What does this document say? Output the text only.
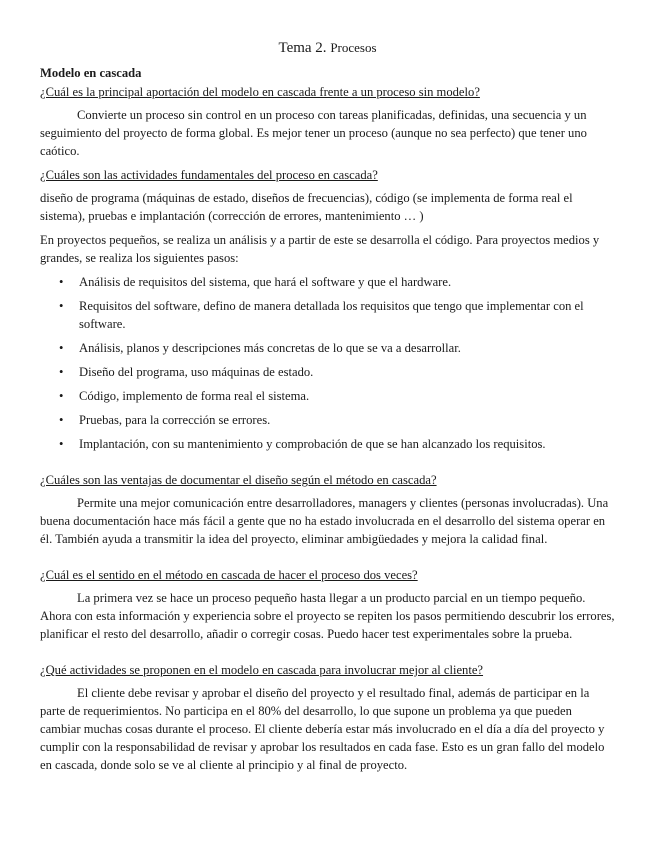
Tema 2. Procesos
Modelo en cascada
¿Cuál es la principal aportación del modelo en cascada frente a un proceso sin modelo?
Convierte un proceso sin control en un proceso con tareas planificadas, definidas, una secuencia y un seguimiento del proyecto de forma global. Es mejor tener un proceso (aunque no sea perfecto) que tener uno caótico.
¿Cuáles son las actividades fundamentales del proceso en cascada?
diseño de programa (máquinas de estado, diseños de frecuencias), código (se implementa de forma real el sistema), pruebas e implantación (corrección de errores, mantenimiento … )
En proyectos pequeños, se realiza un análisis y a partir de este se desarrolla el código. Para proyectos medios y grandes, se realiza los siguientes pasos:
• Análisis de requisitos del sistema, que hará el software y que el hardware.
• Requisitos del software, defino de manera detallada los requisitos que tengo que implementar con el software.
• Análisis, planos y descripciones más concretas de lo que se va a desarrollar.
• Diseño del programa, uso máquinas de estado.
• Código, implemento de forma real el sistema.
• Pruebas, para la corrección se errores.
• Implantación, con su mantenimiento y comprobación de que se han alcanzado los requisitos.
¿Cuáles son las ventajas de documentar el diseño según el método en cascada?
Permite una mejor comunicación entre desarrolladores, managers y clientes (personas involucradas). Una buena documentación hace más fácil a gente que no ha estado involucrada en el desarrollo del sistema operar en él. También ayuda a transmitir la idea del proyecto, eliminar ambigüedades y mejora la calidad final.
¿Cuál es el sentido en el método en cascada de hacer el proceso dos veces?
La primera vez se hace un proceso pequeño hasta llegar a un producto parcial en un tiempo pequeño. Ahora con esta información y experiencia sobre el proyecto se repiten los pasos permitiendo descubrir los errores, planificar el resto del desarrollo, añadir o corregir cosas. Puedo hacer test experimentales sobre la prueba.
¿Qué actividades se proponen en el modelo en cascada para involucrar mejor al cliente?
El cliente debe revisar y aprobar el diseño del proyecto y el resultado final, además de participar en la parte de requerimientos. No participa en el 80% del desarrollo, lo que supone un problema ya que pueden cambiar muchas cosas durante el proceso. El cliente debería estar más involucrado en el día a día del proyecto y cumplir con la responsabilidad de revisar y aprobar los resultados en cada fase. Esto es un gran fallo del modelo en cascada, donde solo se ve al cliente al principio y al final de proyecto.
